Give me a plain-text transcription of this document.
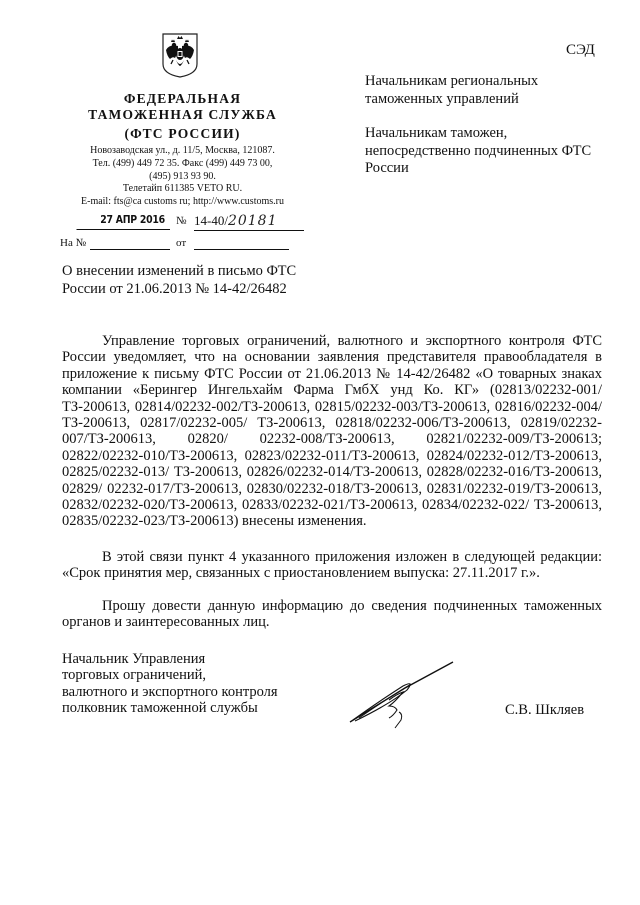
ФЕДЕРАЛЬНАЯ
ТАМОЖЕННАЯ СЛУЖБА
(ФТС РОССИИ)
Новозаводская ул., д. 11/5, Москва, 121087.
Тел. (499) 449 72 35. Факс (499) 449 73 00,
(495) 913 93 90.
Телетайп 611385 VETO RU.
E-mail: fts@ca customs ru; http://www.customs.ru
27 АПР 2016	№ 14-40/20181
На №	от
СЭД
Начальникам региональных таможенных управлений
Начальникам таможен, непосредственно подчиненных ФТС России
О внесении изменений в письмо ФТС России от 21.06.2013 № 14-42/26482

Управление торговых ограничений, валютного и экспортного контроля ФТС России уведомляет, что на основании заявления представителя правообладателя в приложение к письму ФТС России от 21.06.2013 № 14-42/26482 «О товарных знаках компании «Берингер Ингельхайм Фарма ГмбХ унд Ко. КГ» (02813/02232-001/ТЗ-200613, 02814/02232-002/ТЗ-200613, 02815/02232-003/ТЗ-200613, 02816/02232-004/ТЗ-200613, 02817/02232-005/ ТЗ-200613, 02818/02232-006/ТЗ-200613, 02819/02232-007/ТЗ-200613, 02820/ 02232-008/ТЗ-200613, 02821/02232-009/ТЗ-200613; 02822/02232-010/ТЗ-200613, 02823/02232-011/ТЗ-200613, 02824/02232-012/ТЗ-200613, 02825/02232-013/ ТЗ-200613, 02826/02232-014/ТЗ-200613, 02828/02232-016/ТЗ-200613, 02829/ 02232-017/ТЗ-200613, 02830/02232-018/ТЗ-200613, 02831/02232-019/ТЗ-200613, 02832/02232-020/ТЗ-200613, 02833/02232-021/ТЗ-200613, 02834/02232-022/ ТЗ-200613, 02835/02232-023/ТЗ-200613) внесены изменения.

В этой связи пункт 4 указанного приложения изложен в следующей редакции: «Срок принятия мер, связанных с приостановлением выпуска: 27.11.2017 г.».

Прошу довести данную информацию до сведения подчиненных таможенных органов и заинтересованных лиц.

Начальник Управления
торговых ограничений,
валютного и экспортного контроля
полковник таможенной службы	С.В. Шкляев
